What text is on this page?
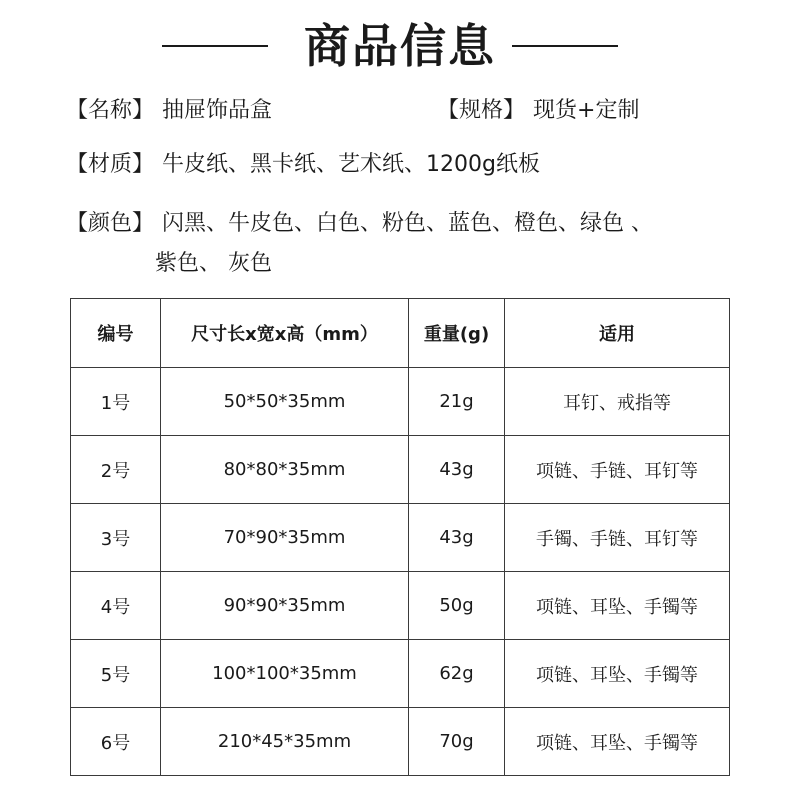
商品信息
【名称】 抽屉饰品盒	【规格】 现货+定制
【材质】 牛皮纸、黑卡纸、艺术纸、1200g纸板
【颜色】 闪黑、牛皮色、白色、粉色、蓝色、橙色、绿色 、
紫色、 灰色
编号	尺寸长x宽x高（mm）	重量(g)	适用
1号	50*50*35mm	21g	耳钉、戒指等
2号	80*80*35mm	43g	项链、手链、耳钉等
3号	70*90*35mm	43g	手镯、手链、耳钉等
4号	90*90*35mm	50g	项链、耳坠、手镯等
5号	100*100*35mm	62g	项链、耳坠、手镯等
6号	210*45*35mm	70g	项链、耳坠、手镯等
